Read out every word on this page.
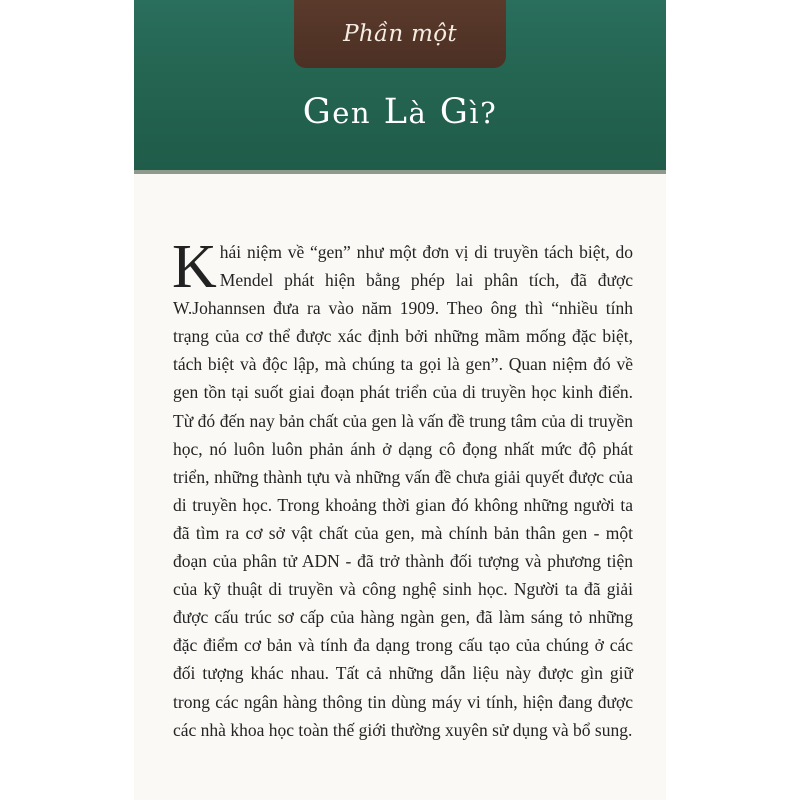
Phần một
Gen Là Gì?

Khái niệm về “gen” như một đơn vị di truyền tách biệt, do Mendel phát hiện bằng phép lai phân tích, đã được W.Johannsen đưa ra vào năm 1909. Theo ông thì “nhiều tính trạng của cơ thể được xác định bởi những mầm mống đặc biệt, tách biệt và độc lập, mà chúng ta gọi là gen”. Quan niệm đó về gen tồn tại suốt giai đoạn phát triển của di truyền học kinh điển. Từ đó đến nay bản chất của gen là vấn đề trung tâm của di truyền học, nó luôn luôn phản ánh ở dạng cô đọng nhất mức độ phát triển, những thành tựu và những vấn đề chưa giải quyết được của di truyền học. Trong khoảng thời gian đó không những người ta đã tìm ra cơ sở vật chất của gen, mà chính bản thân gen - một đoạn của phân tử ADN - đã trở thành đối tượng và phương tiện của kỹ thuật di truyền và công nghệ sinh học. Người ta đã giải được cấu trúc sơ cấp của hàng ngàn gen, đã làm sáng tỏ những đặc điểm cơ bản và tính đa dạng trong cấu tạo của chúng ở các đối tượng khác nhau. Tất cả những dẫn liệu này được gìn giữ trong các ngân hàng thông tin dùng máy vi tính, hiện đang được các nhà khoa học toàn thế giới thường xuyên sử dụng và bổ sung.
